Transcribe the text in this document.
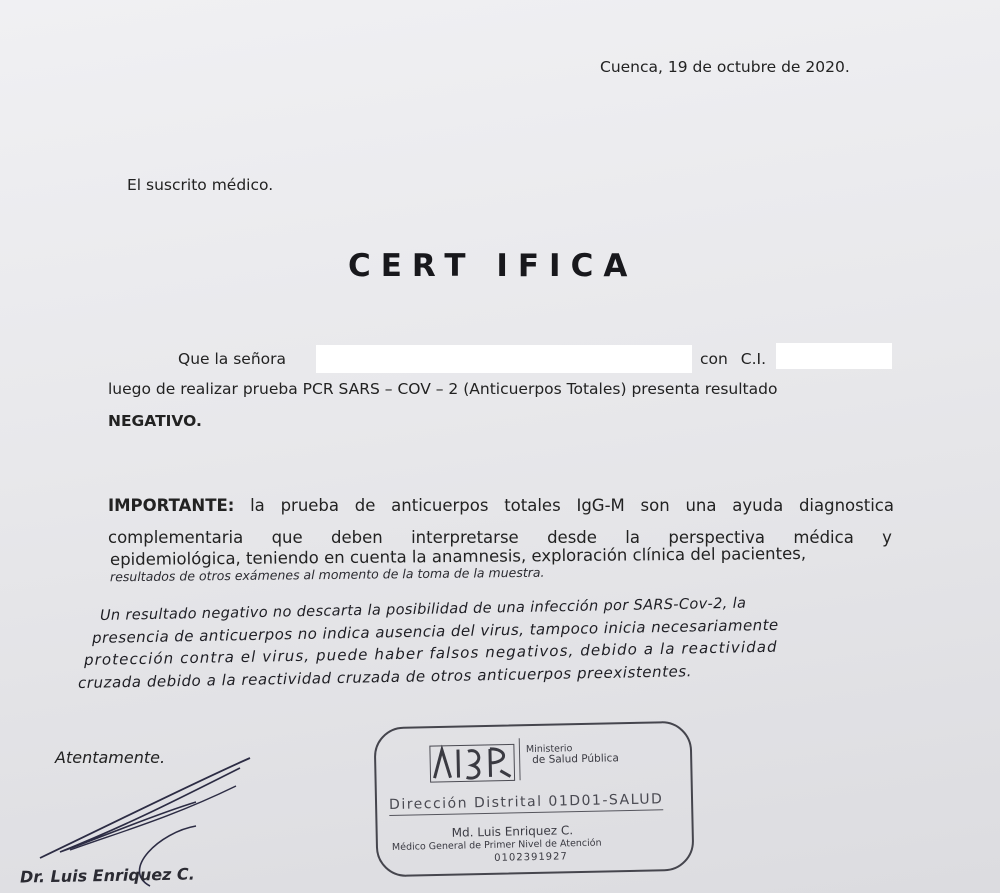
Cuenca, 19 de octubre de 2020.
El suscrito médico.
CERT IFICA
Que la señora	con C.I.
luego de realizar prueba PCR SARS – COV – 2 (Anticuerpos Totales) presenta resultado
NEGATIVO.
IMPORTANTE: la prueba de anticuerpos totales IgG-M son una ayuda diagnostica
complementaria que deben interpretarse desde la perspectiva médica y
epidemiológica, teniendo en cuenta la anamnesis, exploración clínica del pacientes,
resultados de otros exámenes al momento de la toma de la muestra.
Un resultado negativo no descarta la posibilidad de una infección por SARS-Cov-2, la
presencia de anticuerpos no indica ausencia del virus, tampoco inicia necesariamente
protección contra el virus, puede haber falsos negativos, debido a la reactividad
cruzada debido a la reactividad cruzada de otros anticuerpos preexistentes.
Atentamente.
Dr. Luis Enriquez C.
Ministerio
de Salud Pública
Dirección Distrital 01D01-SALUD
Md. Luis Enriquez C.
Médico General de Primer Nivel de Atención
0102391927
